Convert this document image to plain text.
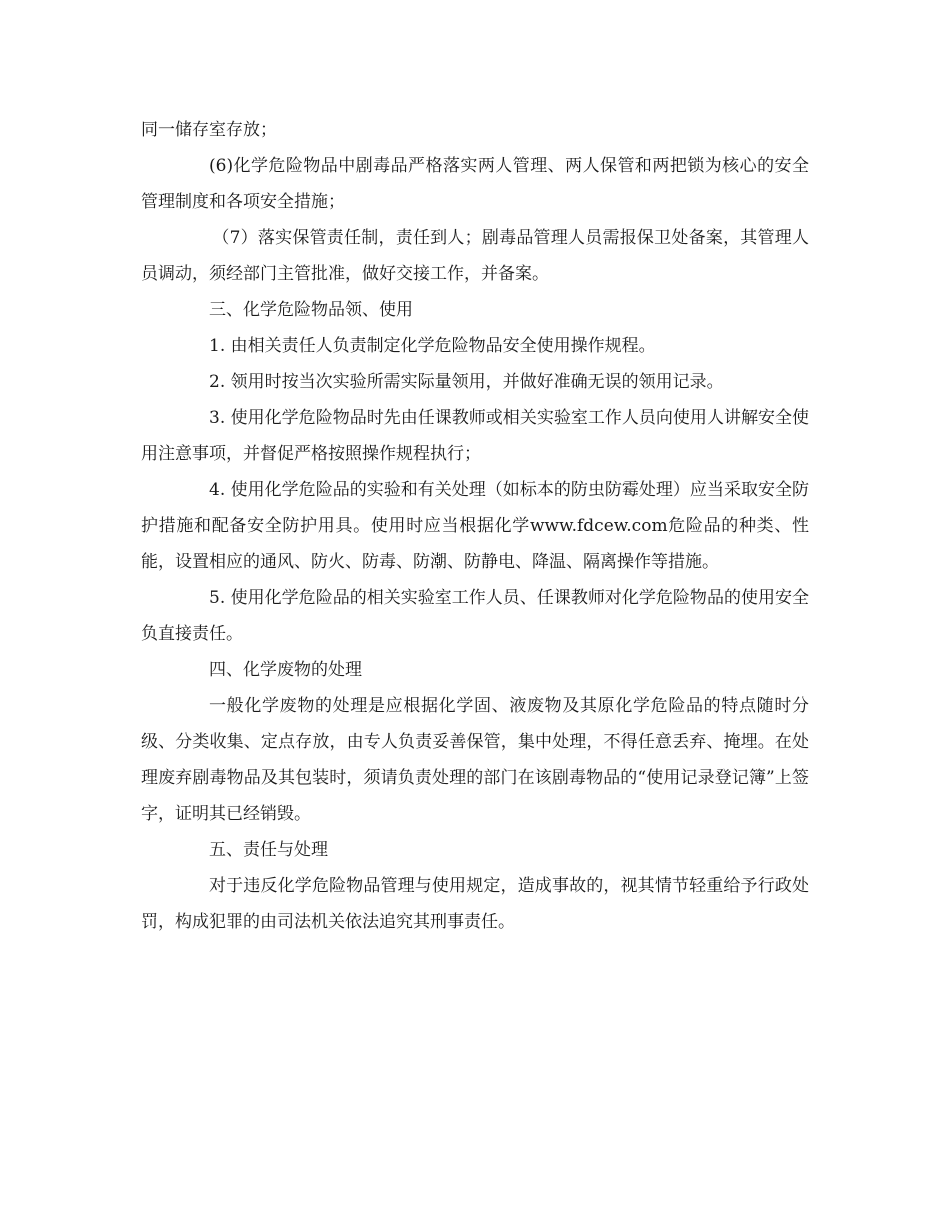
同一储存室存放；

(6)化学危险物品中剧毒品严格落实两人管理、两人保管和两把锁为核心的安全管理制度和各项安全措施；

（7）落实保管责任制，责任到人；剧毒品管理人员需报保卫处备案，其管理人员调动，须经部门主管批准，做好交接工作，并备案。

三、化学危险物品领、使用

1. 由相关责任人负责制定化学危险物品安全使用操作规程。

2. 领用时按当次实验所需实际量领用，并做好准确无误的领用记录。

3. 使用化学危险物品时先由任课教师或相关实验室工作人员向使用人讲解安全使用注意事项，并督促严格按照操作规程执行；

4. 使用化学危险品的实验和有关处理（如标本的防虫防霉处理）应当采取安全防护措施和配备安全防护用具。使用时应当根据化学www.fdcew.com危险品的种类、性能，设置相应的通风、防火、防毒、防潮、防静电、降温、隔离操作等措施。

5. 使用化学危险品的相关实验室工作人员、任课教师对化学危险物品的使用安全负直接责任。

四、化学废物的处理

一般化学废物的处理是应根据化学固、液废物及其原化学危险品的特点随时分级、分类收集、定点存放，由专人负责妥善保管，集中处理，不得任意丢弃、掩埋。在处理废弃剧毒物品及其包装时，须请负责处理的部门在该剧毒物品的“使用记录登记簿”上签字，证明其已经销毁。

五、责任与处理

对于违反化学危险物品管理与使用规定，造成事故的，视其情节轻重给予行政处罚，构成犯罪的由司法机关依法追究其刑事责任。
